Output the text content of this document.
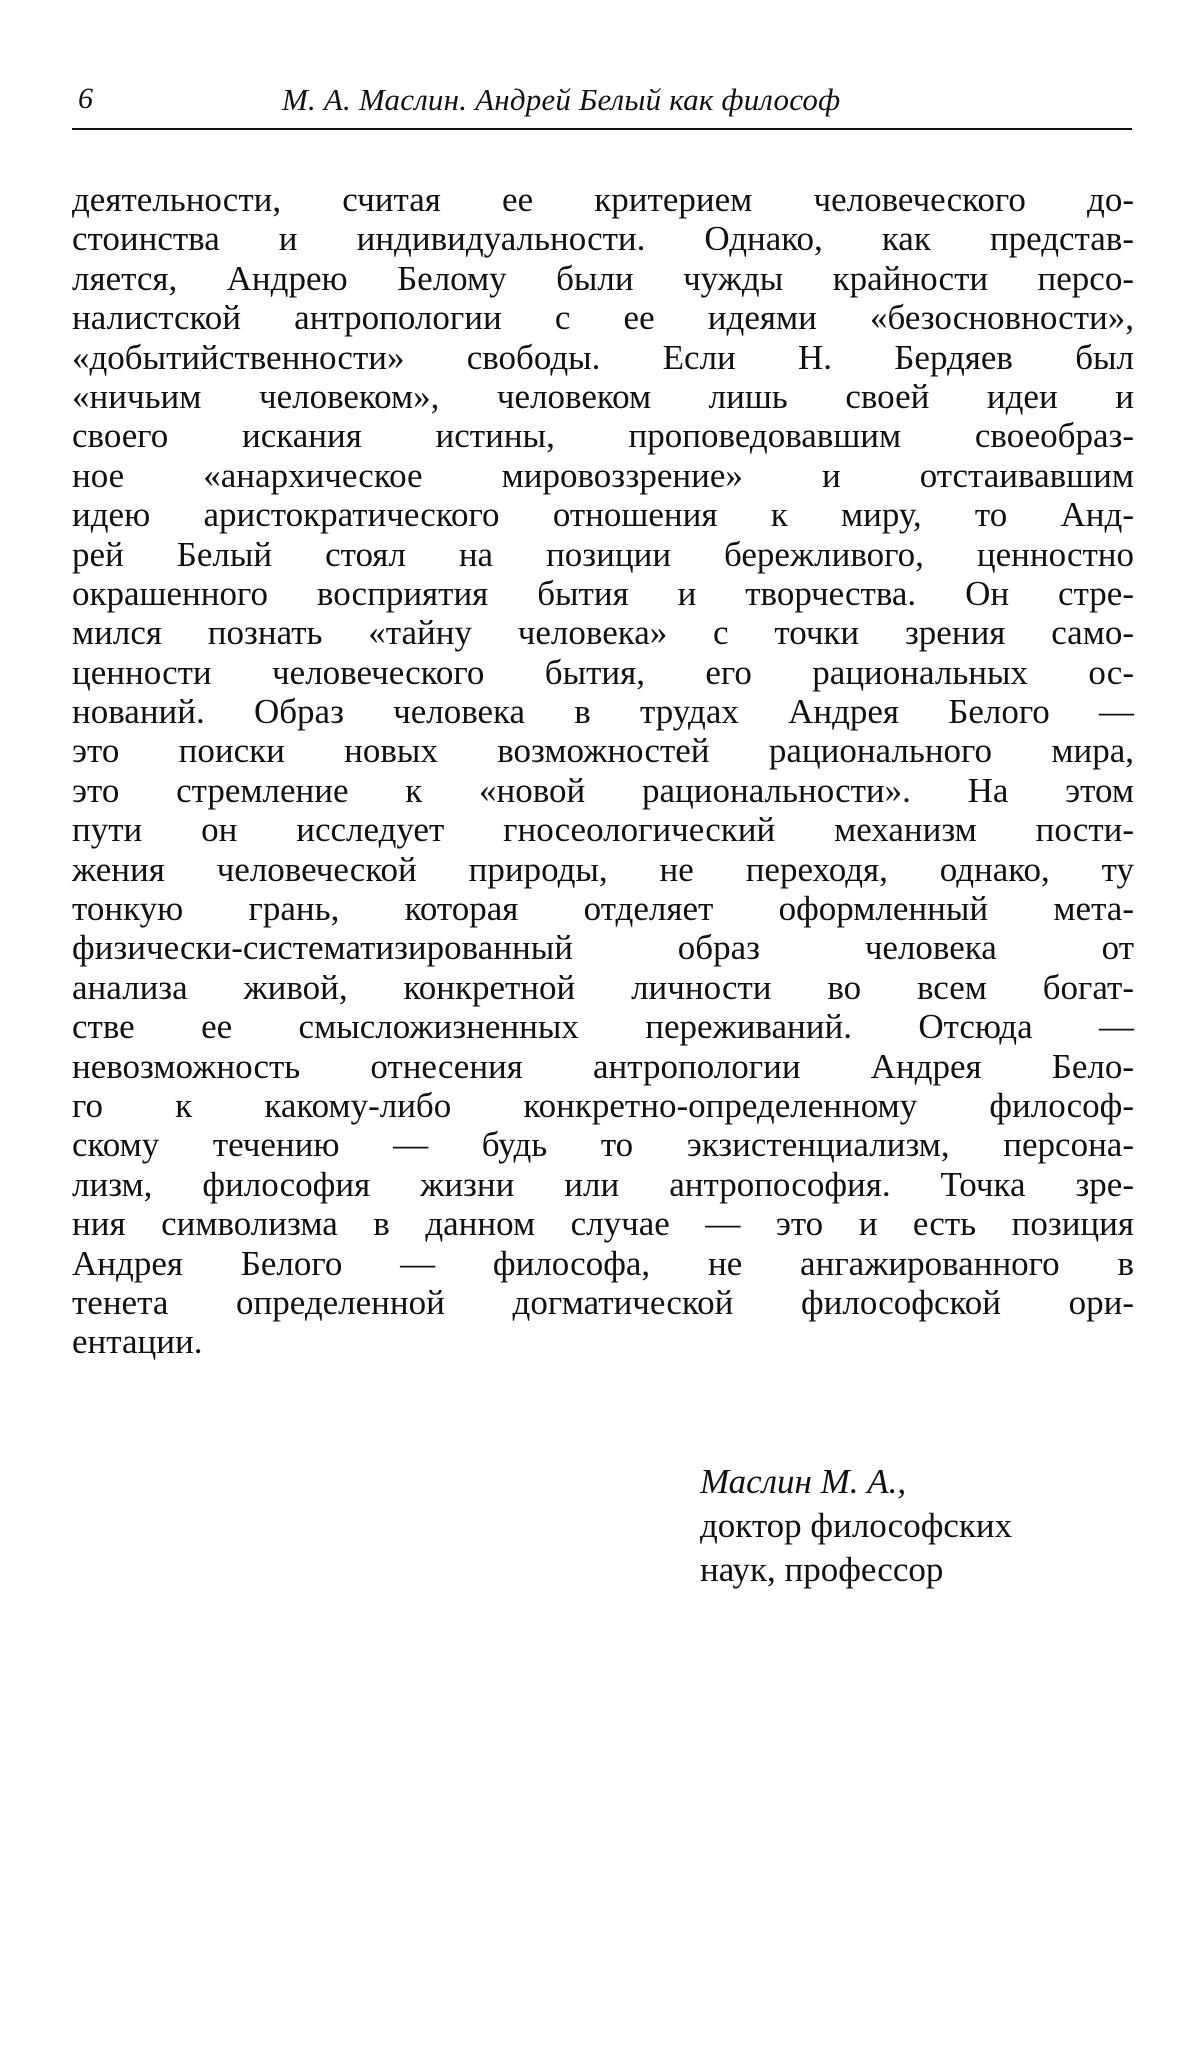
6	М. А. Маслин. Андрей Белый как философ
деятельности, считая ее критерием человеческого до-
стоинства и индивидуальности. Однако, как представ-
ляется, Андрею Белому были чужды крайности персо-
налистской антропологии с ее идеями «безосновности»,
«добытийственности» свободы. Если Н. Бердяев был
«ничьим человеком», человеком лишь своей идеи и
своего искания истины, проповедовавшим своеобраз-
ное «анархическое мировоззрение» и отстаивавшим
идею аристократического отношения к миру, то Анд-
рей Белый стоял на позиции бережливого, ценностно
окрашенного восприятия бытия и творчества. Он стре-
мился познать «тайну человека» с точки зрения само-
ценности человеческого бытия, его рациональных ос-
нований. Образ человека в трудах Андрея Белого —
это поиски новых возможностей рационального мира,
это стремление к «новой рациональности». На этом
пути он исследует гносеологический механизм пости-
жения человеческой природы, не переходя, однако, ту
тонкую грань, которая отделяет оформленный мета-
физически-систематизированный образ человека от
анализа живой, конкретной личности во всем богат-
стве ее смысложизненных переживаний. Отсюда —
невозможность отнесения антропологии Андрея Бело-
го к какому-либо конкретно-определенному философ-
скому течению — будь то экзистенциализм, персона-
лизм, философия жизни или антропософия. Точка зре-
ния символизма в данном случае — это и есть позиция
Андрея Белого — философа, не ангажированного в
тенета определенной догматической философской ори-
ентации.
Маслин М. А.,
доктор философских
наук, профессор
